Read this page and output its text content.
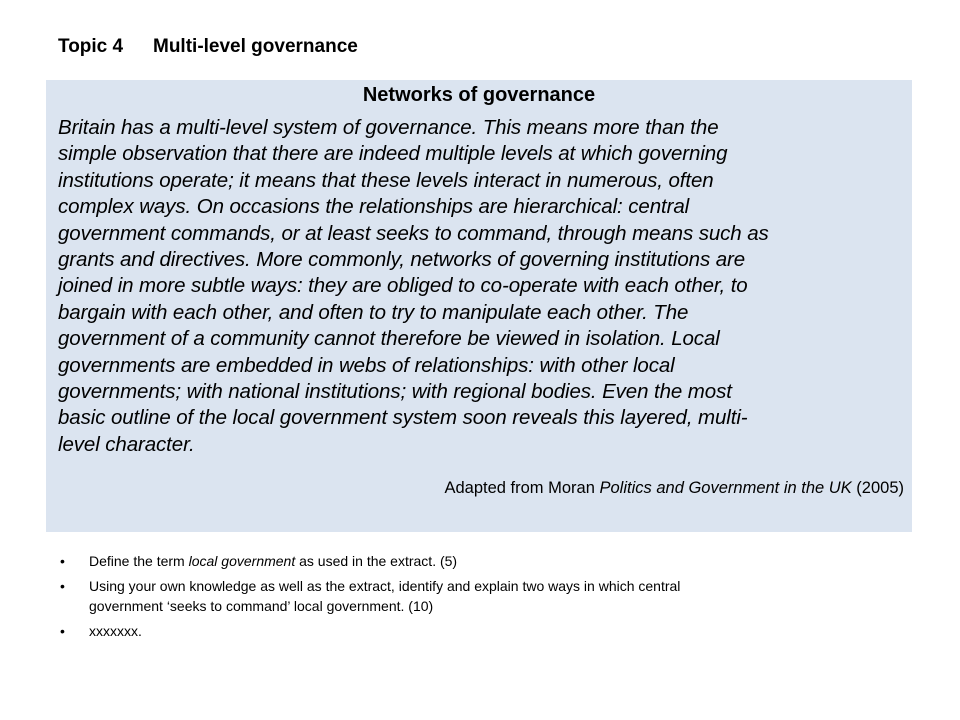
Topic 4 Multi-level governance
Networks of governance
Britain has a multi-level system of governance. This means more than the
simple observation that there are indeed multiple levels at which governing
institutions operate; it means that these levels interact in numerous, often
complex ways. On occasions the relationships are hierarchical: central
government commands, or at least seeks to command, through means such as
grants and directives. More commonly, networks of governing institutions are
joined in more subtle ways: they are obliged to co-operate with each other, to
bargain with each other, and often to try to manipulate each other. The
government of a community cannot therefore be viewed in isolation. Local
governments are embedded in webs of relationships: with other local
governments; with national institutions; with regional bodies. Even the most
basic outline of the local government system soon reveals this layered, multi-
level character.
Adapted from Moran Politics and Government in the UK (2005)
• Define the term local government as used in the extract. (5)
• Using your own knowledge as well as the extract, identify and explain two ways in which central
government ‘seeks to command’ local government. (10)
• xxxxxxx.
